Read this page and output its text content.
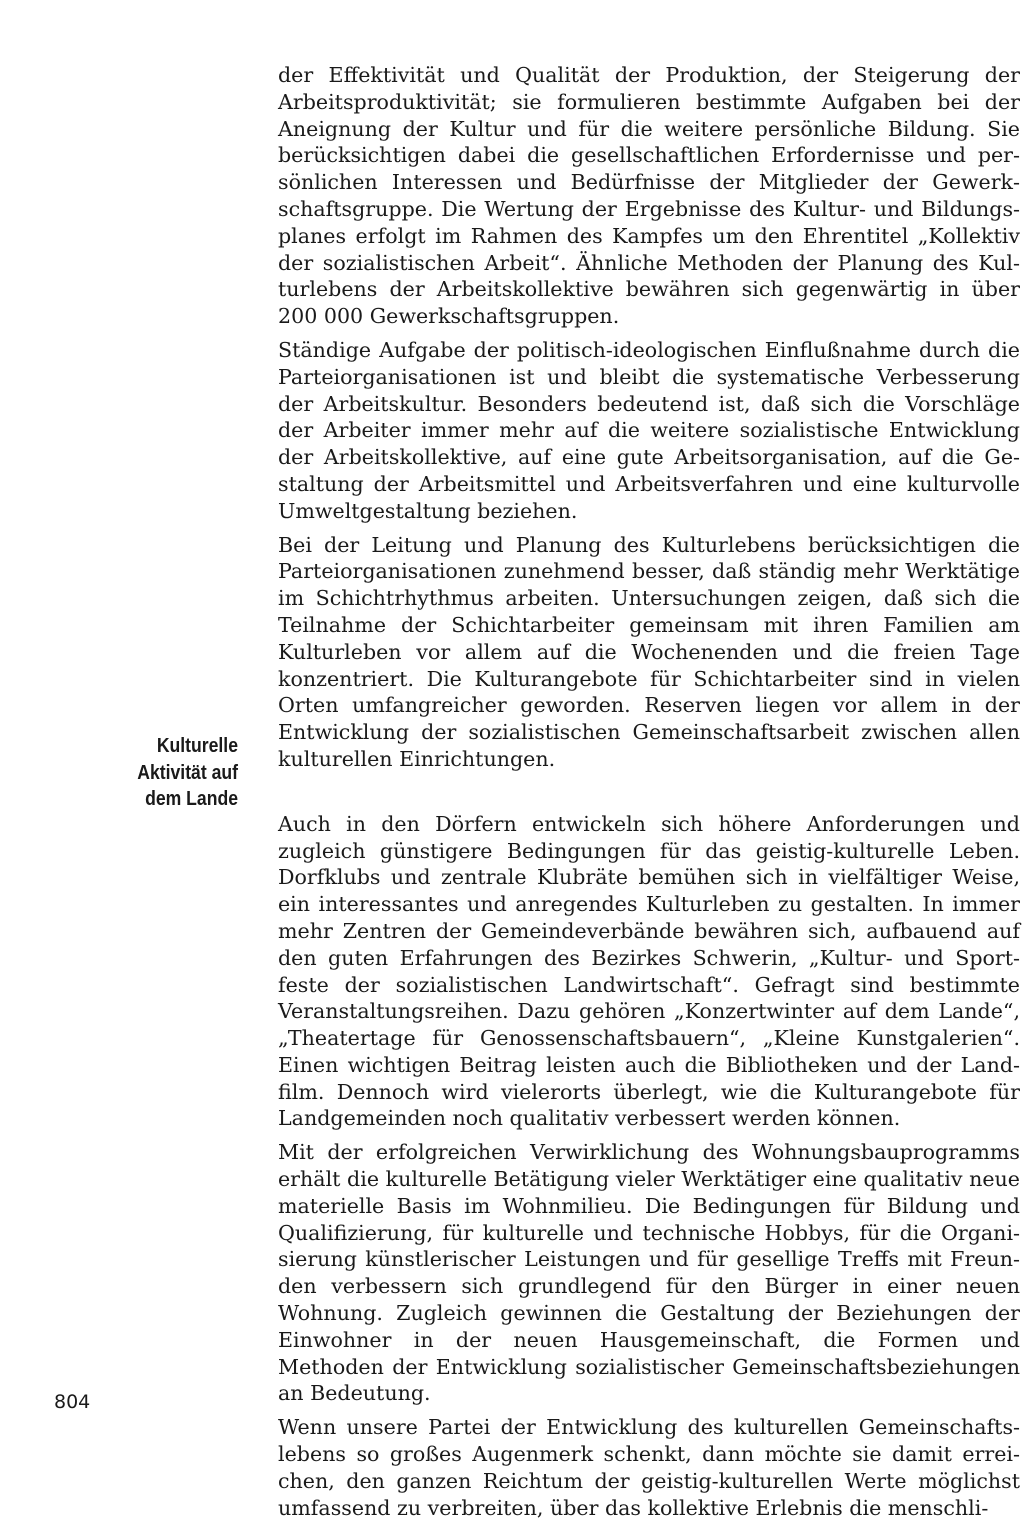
der Effektivität und Qualität der Produktion, der Steigerung der Arbeitsproduktivität; sie formulieren bestimmte Aufgaben bei der Aneignung der Kultur und für die weitere persönliche Bildung. Sie berücksichtigen dabei die gesellschaftlichen Erfordernisse und persönlichen Interessen und Bedürfnisse der Mitglieder der Gewerkschaftsgruppe. Die Wertung der Ergebnisse des Kultur- und Bildungsplanes erfolgt im Rahmen des Kampfes um den Ehrentitel „Kollektiv der sozialistischen Arbeit“. Ähnliche Methoden der Planung des Kulturlebens der Arbeitskollektive bewähren sich gegenwärtig in über 200 000 Gewerkschaftsgruppen.

Ständige Aufgabe der politisch-ideologischen Einflußnahme durch die Parteiorganisationen ist und bleibt die systematische Verbesserung der Arbeitskultur. Besonders bedeutend ist, daß sich die Vorschläge der Arbeiter immer mehr auf die weitere sozialistische Entwicklung der Arbeitskollektive, auf eine gute Arbeitsorganisation, auf die Gestaltung der Arbeitsmittel und Arbeitsverfahren und eine kulturvolle Umweltgestaltung beziehen.

Bei der Leitung und Planung des Kulturlebens berücksichtigen die Parteiorganisationen zunehmend besser, daß ständig mehr Werktätige im Schichtrhythmus arbeiten. Untersuchungen zeigen, daß sich die Teilnahme der Schichtarbeiter gemeinsam mit ihren Familien am Kulturleben vor allem auf die Wochenenden und die freien Tage konzentriert. Die Kulturangebote für Schichtarbeiter sind in vielen Orten umfangreicher geworden. Reserven liegen vor allem in der Entwicklung der sozialistischen Gemeinschaftsarbeit zwischen allen kulturellen Einrichtungen.

Auch in den Dörfern entwickeln sich höhere Anforderungen und zugleich günstigere Bedingungen für das geistig-kulturelle Leben. Dorfklubs und zentrale Klubräte bemühen sich in vielfältiger Weise, ein interessantes und anregendes Kulturleben zu gestalten. In immer mehr Zentren der Gemeindeverbände bewähren sich, aufbauend auf den guten Erfahrungen des Bezirkes Schwerin, „Kultur- und Sportfeste der sozialistischen Landwirtschaft“. Gefragt sind bestimmte Veranstaltungsreihen. Dazu gehören „Konzertwinter auf dem Lande“, „Theatertage für Genossenschaftsbauern“, „Kleine Kunstgalerien“. Einen wichtigen Beitrag leisten auch die Bibliotheken und der Landfilm. Dennoch wird vielerorts überlegt, wie die Kulturangebote für Landgemeinden noch qualitativ verbessert werden können.

Mit der erfolgreichen Verwirklichung des Wohnungsbauprogramms erhält die kulturelle Betätigung vieler Werktätiger eine qualitativ neue materielle Basis im Wohnmilieu. Die Bedingungen für Bildung und Qualifizierung, für kulturelle und technische Hobbys, für die Organisierung künstlerischer Leistungen und für gesellige Treffs mit Freunden verbessern sich grundlegend für den Bürger in einer neuen Wohnung. Zugleich gewinnen die Gestaltung der Beziehungen der Einwohner in der neuen Hausgemeinschaft, die Formen und Methoden der Entwicklung sozialistischer Gemeinschaftsbeziehungen an Bedeutung.

Wenn unsere Partei der Entwicklung des kulturellen Gemeinschaftslebens so großes Augenmerk schenkt, dann möchte sie damit erreichen, den ganzen Reichtum der geistig-kulturellen Werte möglichst umfassend zu verbreiten, über das kollektive Erlebnis die menschli-

Kulturelle
Aktivität auf
dem Lande
804
